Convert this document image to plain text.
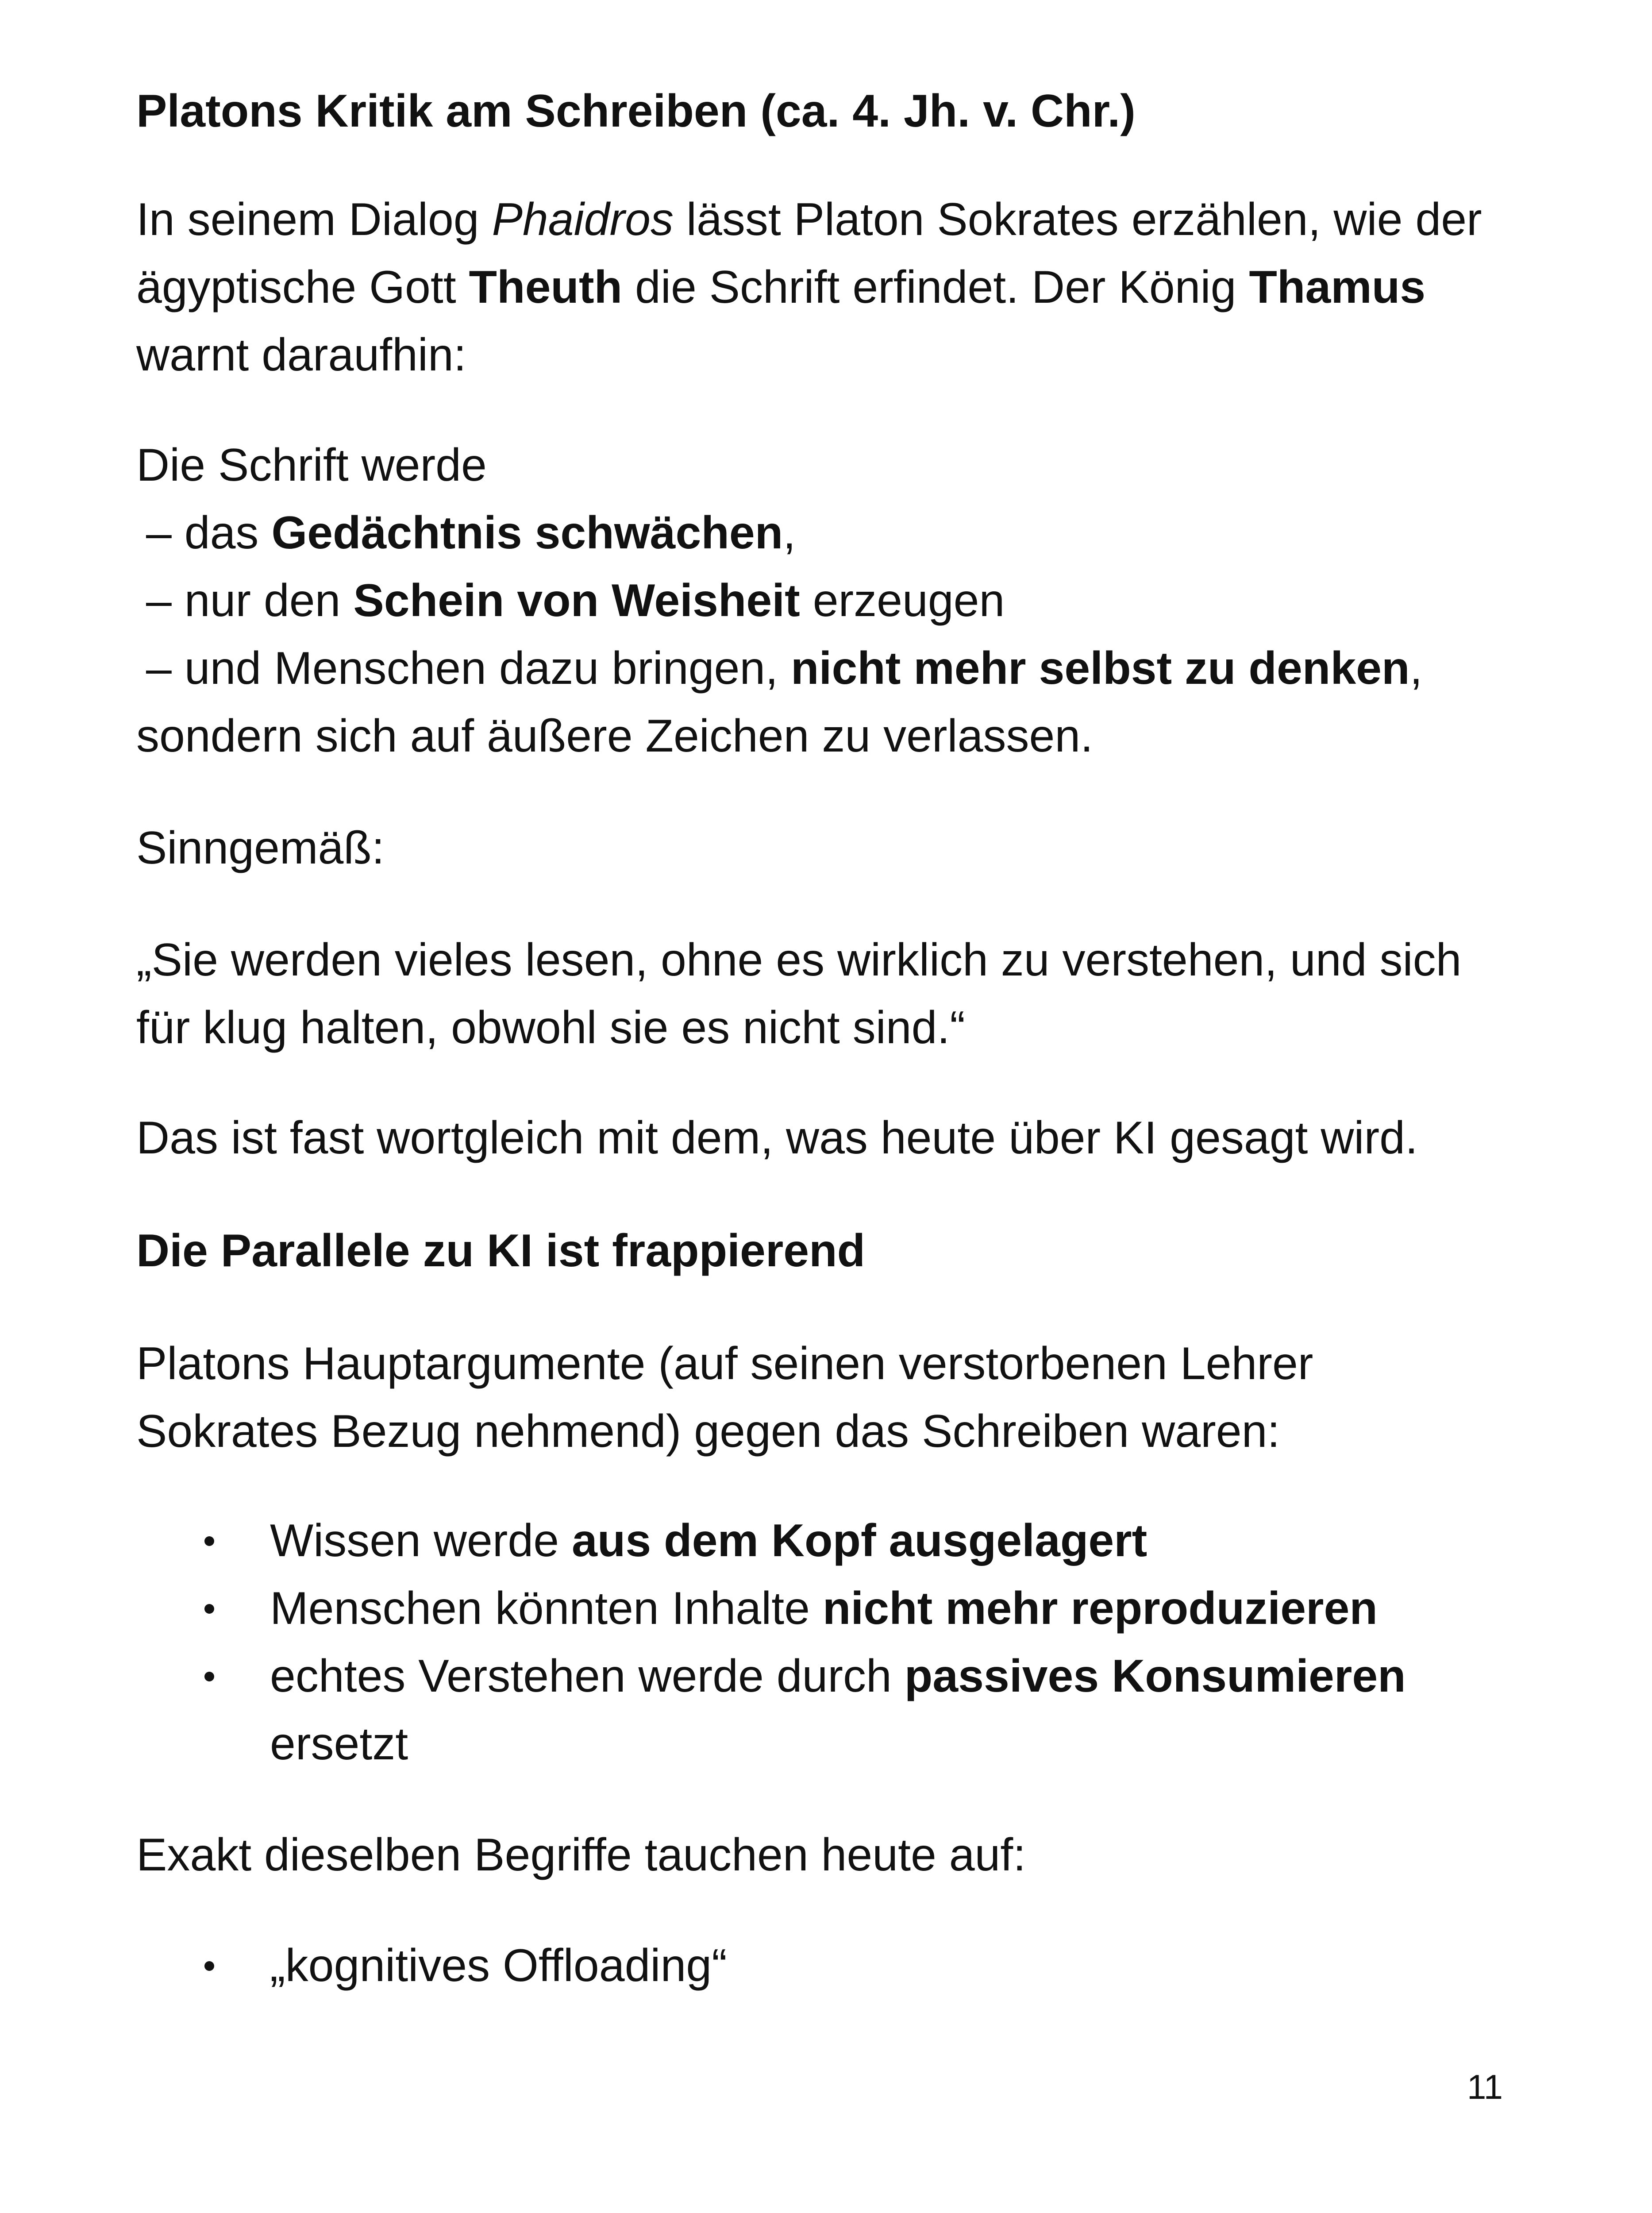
Platons Kritik am Schreiben (ca. 4. Jh. v. Chr.)
In seinem Dialog Phaidros lässt Platon Sokrates erzählen, wie der
ägyptische Gott Theuth die Schrift erfindet. Der König Thamus
warnt daraufhin:
Die Schrift werde
– das Gedächtnis schwächen,
– nur den Schein von Weisheit erzeugen
– und Menschen dazu bringen, nicht mehr selbst zu denken,
sondern sich auf äußere Zeichen zu verlassen.
Sinngemäß:
„Sie werden vieles lesen, ohne es wirklich zu verstehen, und sich
für klug halten, obwohl sie es nicht sind.“
Das ist fast wortgleich mit dem, was heute über KI gesagt wird.
Die Parallele zu KI ist frappierend
Platons Hauptargumente (auf seinen verstorbenen Lehrer
Sokrates Bezug nehmend) gegen das Schreiben waren:
Wissen werde aus dem Kopf ausgelagert
Menschen könnten Inhalte nicht mehr reproduzieren
echtes Verstehen werde durch passives Konsumieren
ersetzt
Exakt dieselben Begriffe tauchen heute auf:
„kognitives Offloading“
11
